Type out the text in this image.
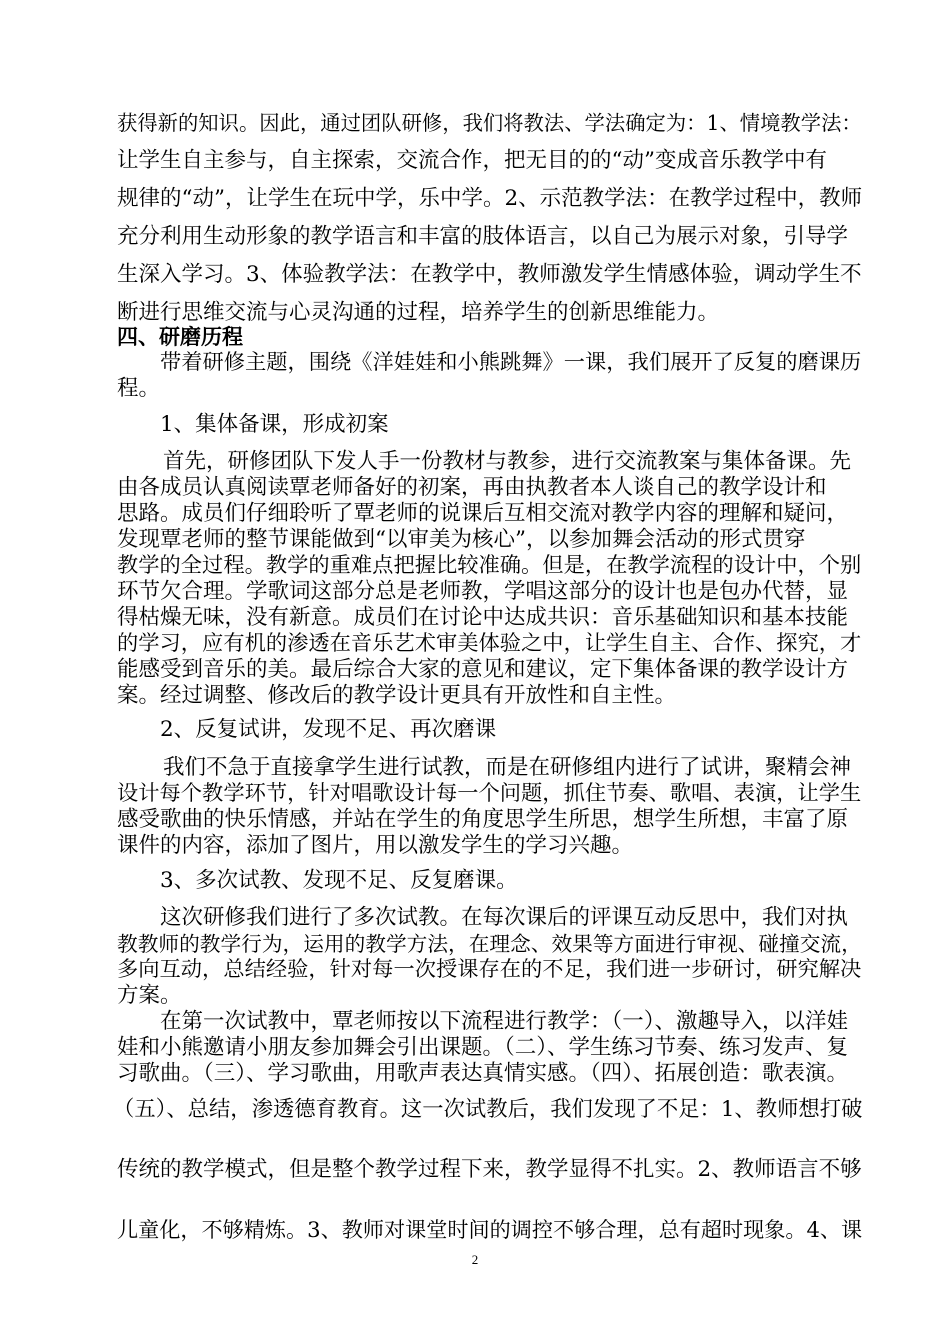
获得新的知识。因此，通过团队研修，我们将教法、学法确定为：1、情境教学法：
让学生自主参与，自主探索，交流合作，把无目的的“动”变成音乐教学中有
规律的“动”，让学生在玩中学，乐中学。2、示范教学法：在教学过程中，教师
充分利用生动形象的教学语言和丰富的肢体语言，以自己为展示对象，引导学
生深入学习。3、体验教学法：在教学中，教师激发学生情感体验，调动学生不
断进行思维交流与心灵沟通的过程，培养学生的创新思维能力。
四、研磨历程
带着研修主题，围绕《洋娃娃和小熊跳舞》一课，我们展开了反复的磨课历
程。
1、集体备课，形成初案
首先，研修团队下发人手一份教材与教参，进行交流教案与集体备课。先
由各成员认真阅读覃老师备好的初案，再由执教者本人谈自己的教学设计和
思路。成员们仔细聆听了覃老师的说课后互相交流对教学内容的理解和疑问，
发现覃老师的整节课能做到“以审美为核心”，以参加舞会活动的形式贯穿
教学的全过程。教学的重难点把握比较准确。但是，在教学流程的设计中，个别
环节欠合理。学歌词这部分总是老师教，学唱这部分的设计也是包办代替，显
得枯燥无味，没有新意。成员们在讨论中达成共识：音乐基础知识和基本技能
的学习，应有机的渗透在音乐艺术审美体验之中，让学生自主、合作、探究，才
能感受到音乐的美。最后综合大家的意见和建议，定下集体备课的教学设计方
案。经过调整、修改后的教学设计更具有开放性和自主性。
2、反复试讲，发现不足、再次磨课
我们不急于直接拿学生进行试教，而是在研修组内进行了试讲，聚精会神
设计每个教学环节，针对唱歌设计每一个问题，抓住节奏、歌唱、表演，让学生
感受歌曲的快乐情感，并站在学生的角度思学生所思，想学生所想，丰富了原
课件的内容，添加了图片，用以激发学生的学习兴趣。
3、多次试教、发现不足、反复磨课。
这次研修我们进行了多次试教。在每次课后的评课互动反思中，我们对执
教教师的教学行为，运用的教学方法，在理念、效果等方面进行审视、碰撞交流，
多向互动，总结经验，针对每一次授课存在的不足，我们进一步研讨，研究解决
方案。
在第一次试教中，覃老师按以下流程进行教学：（一）、激趣导入，以洋娃
娃和小熊邀请小朋友参加舞会引出课题。（二）、学生练习节奏、练习发声、复
习歌曲。（三）、学习歌曲，用歌声表达真情实感。（四）、拓展创造：歌表演。
（五）、总结，渗透德育教育。这一次试教后，我们发现了不足：1、教师想打破
传统的教学模式，但是整个教学过程下来，教学显得不扎实。2、教师语言不够
儿童化，不够精炼。3、教师对课堂时间的调控不够合理，总有超时现象。4、课
2
